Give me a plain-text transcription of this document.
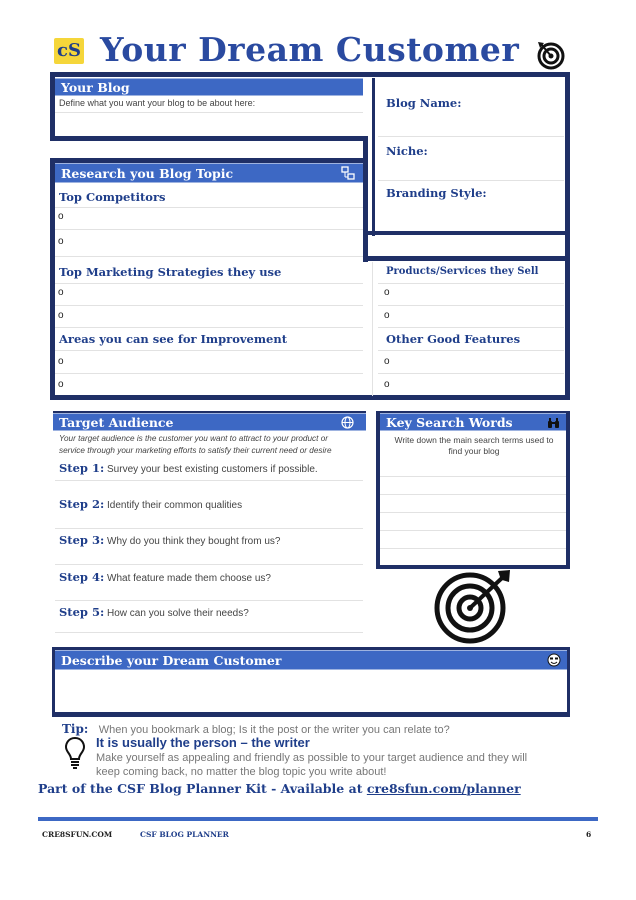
cS Your Dream Customer
Your Blog
Define what you want your blog to be about here:	Blog Name:
Niche:
Branding Style:
Research you Blog Topic
Top Competitors
o
o
Top Marketing Strategies they use
o
o
Areas you can see for Improvement
o
o
Products/Services they Sell
o
o
Other Good Features
o
o
Target Audience
Your target audience is the customer you want to attract to your product or
service through your marketing efforts to satisfy their current need or desire
Step 1: Survey your best existing customers if possible.
Step 2: Identify their common qualities
Step 3: Why do you think they bought from us?
Step 4: What feature made them choose us?
Step 5: How can you solve their needs?
Key Search Words
Write down the main search terms used to
find your blog
Describe your Dream Customer
Tip: When you bookmark a blog; Is it the post or the writer you can relate to?
It is usually the person – the writer
Make yourself as appealing and friendly as possible to your target audience and they will
keep coming back, no matter the blog topic you write about!
Part of the CSF Blog Planner Kit - Available at cre8sfun.com/planner
CRE8SFUN.COM	CSF BLOG PLANNER	6
